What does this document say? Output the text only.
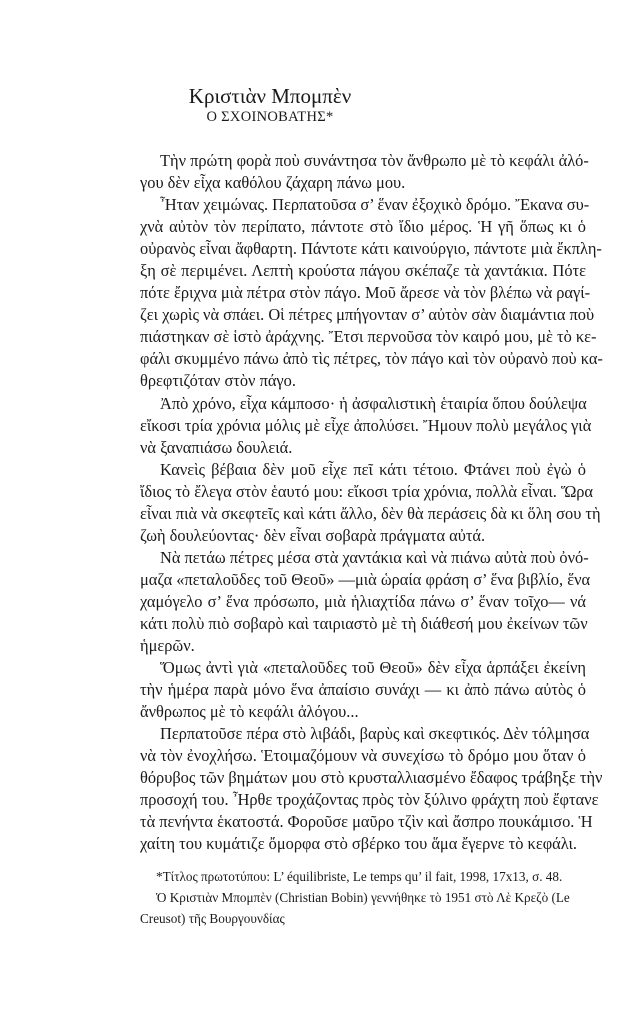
Κριστιὰν Μπομπὲν
Ο ΣΧΟΙΝΟΒΑΤΗΣ*
Τὴν πρώτη φορὰ ποὺ συνάντησα τὸν ἄνθρωπο μὲ τὸ κεφάλι ἀλό-
γου δὲν εἶχα καθόλου ζάχαρη πάνω μου.
Ἦταν χειμώνας. Περπατοῦσα σ’ ἕναν ἐξοχικὸ δρόμο. Ἔκανα συ-
χνὰ αὐτὸν τὸν περίπατο, πάντοτε στὸ ἴδιο μέρος. Ἡ γῆ ὅπως κι ὁ
οὐρανὸς εἶναι ἄφθαρτη. Πάντοτε κάτι καινούργιο, πάντοτε μιὰ ἔκπλη-
ξη σὲ περιμένει. Λεπτὴ κρούστα πάγου σκέπαζε τὰ χαντάκια. Πότε
πότε ἔριχνα μιὰ πέτρα στὸν πάγο. Μοῦ ἄρεσε νὰ τὸν βλέπω νὰ ραγί-
ζει χωρὶς νὰ σπάει. Οἱ πέτρες μπήγονταν σ’ αὐτὸν σὰν διαμάντια ποὺ
πιάστηκαν σὲ ἱστὸ ἀράχνης. Ἔτσι περνοῦσα τὸν καιρό μου, μὲ τὸ κε-
φάλι σκυμμένο πάνω ἀπὸ τὶς πέτρες, τὸν πάγο καὶ τὸν οὐρανὸ ποὺ κα-
θρεφτιζόταν στὸν πάγο.
Ἀπὸ χρόνο, εἶχα κάμποσο· ἡ ἀσφαλιστικὴ ἑταιρία ὅπου δούλεψα
εἴκοσι τρία χρόνια μόλις μὲ εἶχε ἀπολύσει. Ἤμουν πολὺ μεγάλος γιὰ
νὰ ξαναπιάσω δουλειά.
Κανεὶς βέβαια δὲν μοῦ εἶχε πεῖ κάτι τέτοιο. Φτάνει ποὺ ἐγὼ ὁ
ἴδιος τὸ ἔλεγα στὸν ἑαυτό μου: εἴκοσι τρία χρόνια, πολλὰ εἶναι. Ὥρα
εἶναι πιὰ νὰ σκεφτεῖς καὶ κάτι ἄλλο, δὲν θὰ περάσεις δὰ κι ὅλη σου τὴ
ζωὴ δουλεύοντας· δὲν εἶναι σοβαρὰ πράγματα αὐτά.
Νὰ πετάω πέτρες μέσα στὰ χαντάκια καὶ νὰ πιάνω αὐτὰ ποὺ ὀνό-
μαζα «πεταλοῦδες τοῦ Θεοῦ» —μιὰ ὡραία φράση σ’ ἕνα βιβλίο, ἕνα
χαμόγελο σ’ ἕνα πρόσωπο, μιὰ ἡλιαχτίδα πάνω σ’ ἕναν τοῖχο— νά
κάτι πολὺ πιὸ σοβαρὸ καὶ ταιριαστὸ μὲ τὴ διάθεσή μου ἐκείνων τῶν
ἡμερῶν.
Ὅμως ἀντὶ γιὰ «πεταλοῦδες τοῦ Θεοῦ» δὲν εἶχα ἁρπάξει ἐκείνη
τὴν ἡμέρα παρὰ μόνο ἕνα ἀπαίσιο συνάχι — κι ἀπὸ πάνω αὐτὸς ὁ
ἄνθρωπος μὲ τὸ κεφάλι ἀλόγου...
Περπατοῦσε πέρα στὸ λιβάδι, βαρὺς καὶ σκεφτικός. Δὲν τόλμησα
νὰ τὸν ἐνοχλήσω. Ἑτοιμαζόμουν νὰ συνεχίσω τὸ δρόμο μου ὅταν ὁ
θόρυβος τῶν βημάτων μου στὸ κρυσταλλιασμένο ἔδαφος τράβηξε τὴν
προσοχή του. Ἦρθε τροχάζοντας πρὸς τὸν ξύλινο φράχτη ποὺ ἔφτανε
τὰ πενήντα ἑκατοστά. Φοροῦσε μαῦρο τζὶν καὶ ἄσπρο πουκάμισο. Ἡ
χαίτη του κυμάτιζε ὄμορφα στὸ σβέρκο του ἅμα ἔγερνε τὸ κεφάλι.
*Τίτλος πρωτοτύπου: L’ équilibriste, Le temps qu’ il fait, 1998, 17x13, σ. 48.
Ὁ Κριστιὰν Μπομπὲν (Christian Bobin) γεννήθηκε τὸ 1951 στὸ Λὲ Κρεζὸ (Le
Creusot) τῆς Βουργουνδίας
